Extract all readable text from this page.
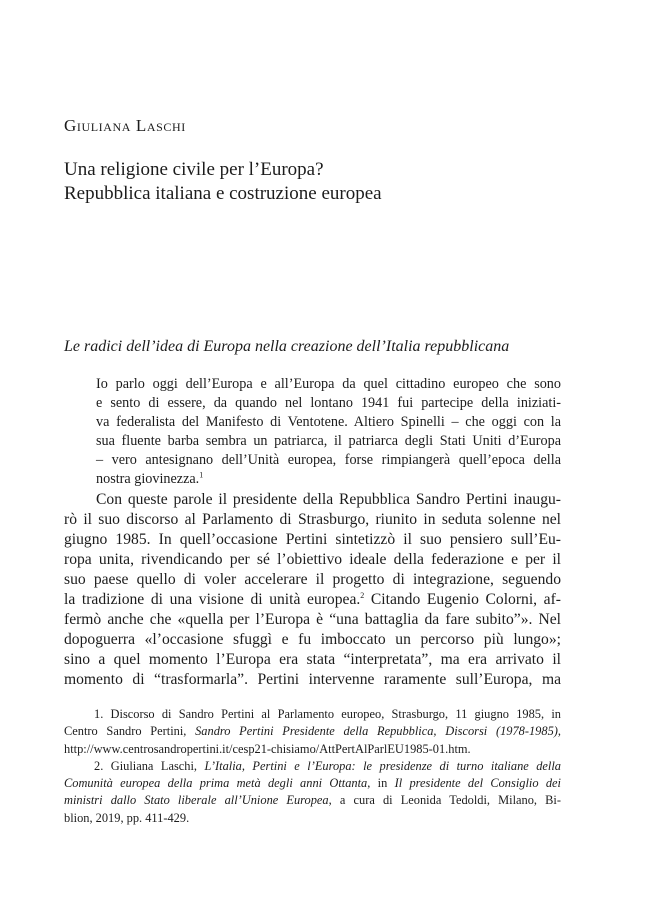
Giuliana Laschi
Una religione civile per l’Europa?
Repubblica italiana e costruzione europea
Le radici dell’idea di Europa nella creazione dell’Italia repubblicana
Io parlo oggi dell’Europa e all’Europa da quel cittadino europeo che sono
e sento di essere, da quando nel lontano 1941 fui partecipe della iniziati-
va federalista del Manifesto di Ventotene. Altiero Spinelli – che oggi con la
sua fluente barba sembra un patriarca, il patriarca degli Stati Uniti d’Europa
– vero antesignano dell’Unità europea, forse rimpiangerà quell’epoca della
nostra giovinezza.$^1$
Con queste parole il presidente della Repubblica Sandro Pertini inaugu-
rò il suo discorso al Parlamento di Strasburgo, riunito in seduta solenne nel
giugno 1985. In quell’occasione Pertini sintetizzò il suo pensiero sull’Eu-
ropa unita, rivendicando per sé l’obiettivo ideale della federazione e per il
suo paese quello di voler accelerare il progetto di integrazione, seguendo
la tradizione di una visione di unità europea.$^2$ Citando Eugenio Colorni, af-
fermò anche che «quella per l’Europa è “una battaglia da fare subito”». Nel
dopoguerra «l’occasione sfuggì e fu imboccato un percorso più lungo»;
sino a quel momento l’Europa era stata “interpretata”, ma era arrivato il
momento di “trasformarla”. Pertini intervenne raramente sull’Europa, ma
1. Discorso di Sandro Pertini al Parlamento europeo, Strasburgo, 11 giugno 1985, in
Centro Sandro Pertini, Sandro Pertini Presidente della Repubblica, Discorsi (1978-1985),
http://www.centrosandropertini.it/cesp21-chisiamo/AttPertAlParlEU1985-01.htm.
2. Giuliana Laschi, L’Italia, Pertini e l’Europa: le presidenze di turno italiane della
Comunità europea della prima metà degli anni Ottanta, in Il presidente del Consiglio dei
ministri dallo Stato liberale all’Unione Europea, a cura di Leonida Tedoldi, Milano, Bi-
blion, 2019, pp. 411-429.
